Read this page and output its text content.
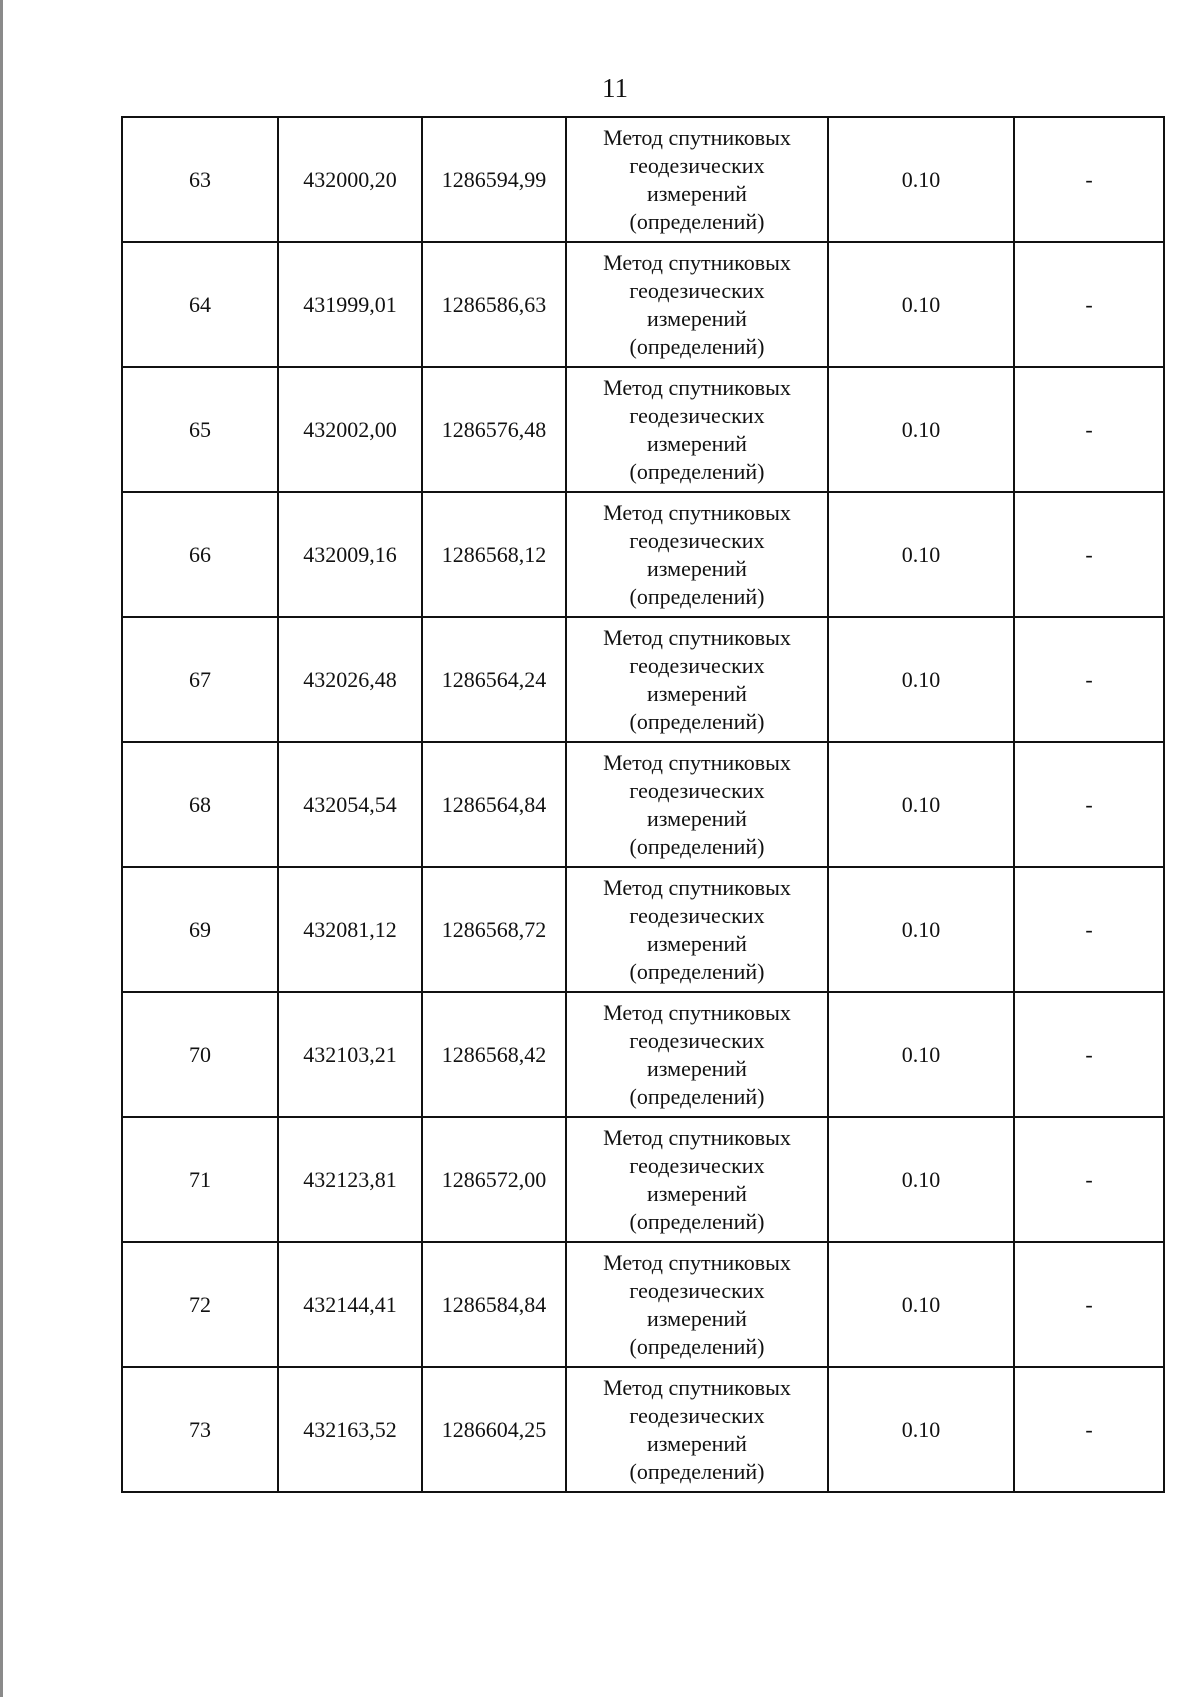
11
63	432000,20	1286594,99	Метод спутниковых
геодезических
измерений
(определений)	0.10	-
64	431999,01	1286586,63	Метод спутниковых
геодезических
измерений
(определений)	0.10	-
65	432002,00	1286576,48	Метод спутниковых
геодезических
измерений
(определений)	0.10	-
66	432009,16	1286568,12	Метод спутниковых
геодезических
измерений
(определений)	0.10	-
67	432026,48	1286564,24	Метод спутниковых
геодезических
измерений
(определений)	0.10	-
68	432054,54	1286564,84	Метод спутниковых
геодезических
измерений
(определений)	0.10	-
69	432081,12	1286568,72	Метод спутниковых
геодезических
измерений
(определений)	0.10	-
70	432103,21	1286568,42	Метод спутниковых
геодезических
измерений
(определений)	0.10	-
71	432123,81	1286572,00	Метод спутниковых
геодезических
измерений
(определений)	0.10	-
72	432144,41	1286584,84	Метод спутниковых
геодезических
измерений
(определений)	0.10	-
73	432163,52	1286604,25	Метод спутниковых
геодезических
измерений
(определений)	0.10	-
